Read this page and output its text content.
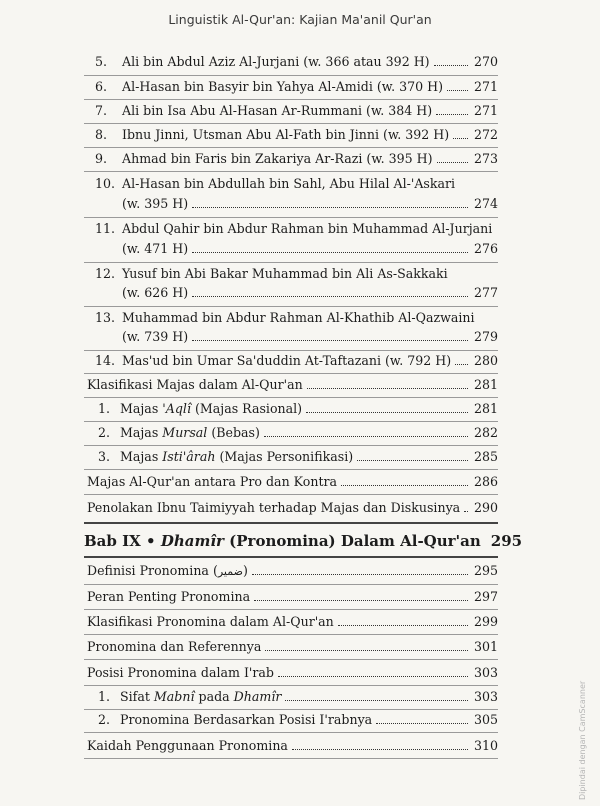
Linguistik Al-Qur'an: Kajian Ma'anil Qur'an
5.	Ali bin Abdul Aziz Al-Jurjani (w. 366 atau 392 H)	270
6.	Al-Hasan bin Basyir bin Yahya Al-Amidi (w. 370 H) 271
7.	Ali bin Isa Abu Al-Hasan Ar-Rummani (w. 384 H)	271
8.	Ibnu Jinni, Utsman Abu Al-Fath bin Jinni (w. 392 H) 272
9.	Ahmad bin Faris bin Zakariya Ar-Razi (w. 395 H)	273
10. Al-Hasan bin Abdullah bin Sahl, Abu Hilal Al-'Askari
(w. 395 H)	274
11. Abdul Qahir bin Abdur Rahman bin Muhammad Al-Jurjani
(w. 471 H)	276
12. Yusuf bin Abi Bakar Muhammad bin Ali As-Sakkaki
(w. 626 H)	277
13. Muhammad bin Abdur Rahman Al-Khathib Al-Qazwaini
(w. 739 H)	279
14. Mas'ud bin Umar Sa'duddin At-Taftazani (w. 792 H) 280
Klasifikasi Majas dalam Al-Qur'an	281
1. Majas 'Aqlî (Majas Rasional)	281
2. Majas Mursal (Bebas)	282
3. Majas Isti'ârah (Majas Personifikasi)	285
Majas Al-Qur'an antara Pro dan Kontra	286
Penolakan Ibnu Taimiyyah terhadap Majas dan Diskusinya 290
Bab IX • Dhamîr (Pronomina) Dalam Al-Qur'an 295
Definisi Pronomina (ضمير)	295
Peran Penting Pronomina	297
Klasifikasi Pronomina dalam Al-Qur'an	299
Pronomina dan Referennya	301
Posisi Pronomina dalam I'rab	303
1. Sifat Mabnî pada Dhamîr	303
2. Pronomina Berdasarkan Posisi I'rabnya	305
Kaidah Penggunaan Pronomina	310	Dipindai dengan CamScanner
